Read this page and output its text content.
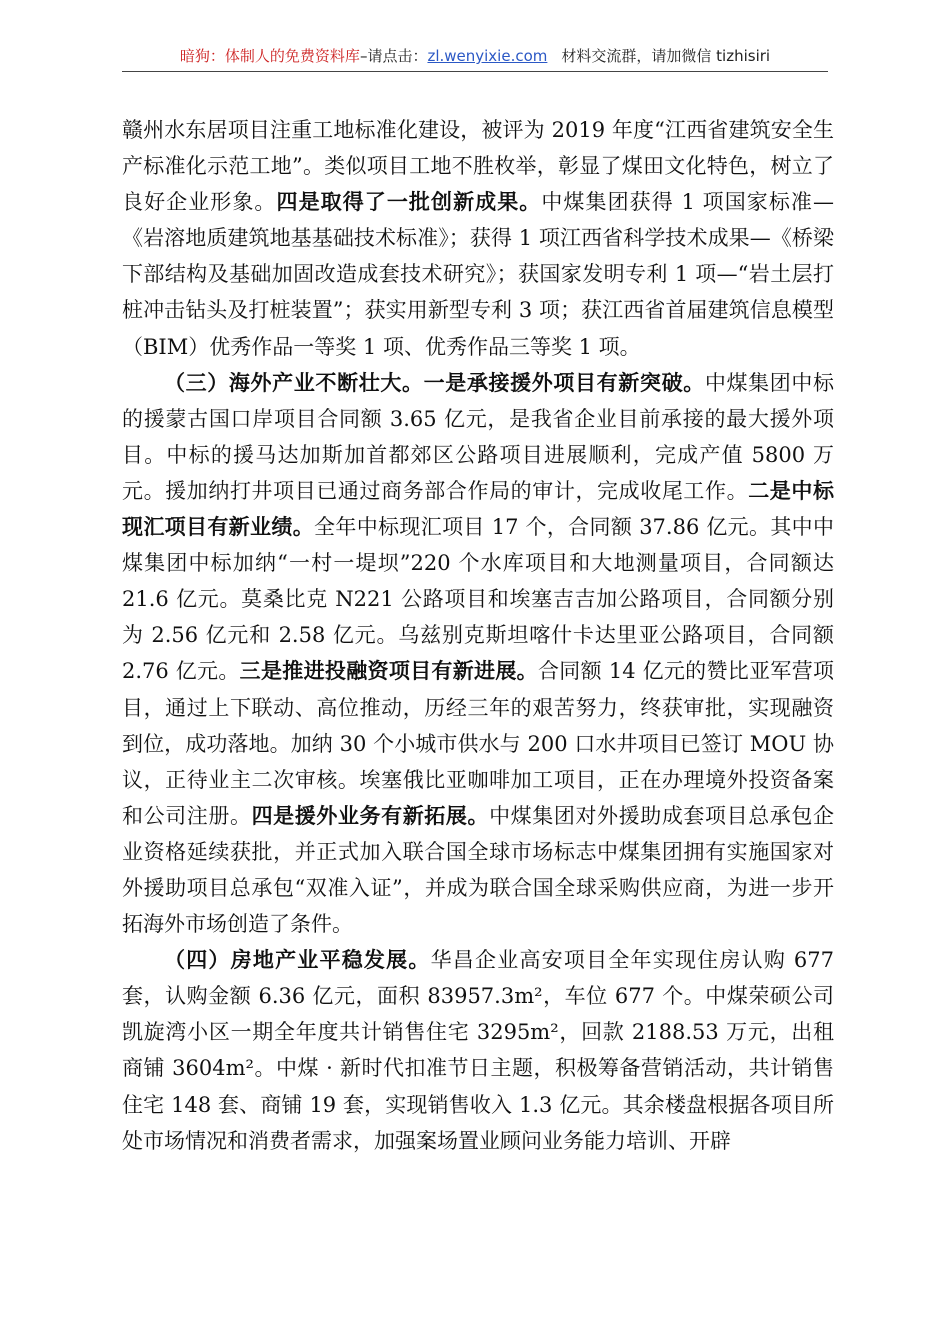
暗狗：体制人的免费资料库–请点击：zl.wenyixie.com 材料交流群，请加微信 tizhisiri

赣州水东居项目注重工地标准化建设，被评为 2019 年度“江西省建筑安全生产标准化示范工地”。类似项目工地不胜枚举，彰显了煤田文化特色，树立了良好企业形象。四是取得了一批创新成果。中煤集团获得 1 项国家标准—《岩溶地质建筑地基基础技术标准》；获得 1 项江西省科学技术成果—《桥梁下部结构及基础加固改造成套技术研究》；获国家发明专利 1 项—“岩土层打桩冲击钻头及打桩装置”；获实用新型专利 3 项；获江西省首届建筑信息模型（BIM）优秀作品一等奖 1 项、优秀作品三等奖 1 项。

（三）海外产业不断壮大。一是承接援外项目有新突破。中煤集团中标的援蒙古国口岸项目合同额 3.65 亿元，是我省企业目前承接的最大援外项目。中标的援马达加斯加首都郊区公路项目进展顺利，完成产值 5800 万元。援加纳打井项目已通过商务部合作局的审计，完成收尾工作。二是中标现汇项目有新业绩。全年中标现汇项目 17 个，合同额 37.86 亿元。其中中煤集团中标加纳“一村一堤坝”220 个水库项目和大地测量项目，合同额达 21.6 亿元。莫桑比克 N221 公路项目和埃塞吉吉加公路项目，合同额分别为 2.56 亿元和 2.58 亿元。乌兹别克斯坦喀什卡达里亚公路项目，合同额 2.76 亿元。三是推进投融资项目有新进展。合同额 14 亿元的赞比亚军营项目，通过上下联动、高位推动，历经三年的艰苦努力，终获审批，实现融资到位，成功落地。加纳 30 个小城市供水与 200 口水井项目已签订 MOU 协议，正待业主二次审核。埃塞俄比亚咖啡加工项目，正在办理境外投资备案和公司注册。四是援外业务有新拓展。中煤集团对外援助成套项目总承包企业资格延续获批，并正式加入联合国全球市场标志中煤集团拥有实施国家对外援助项目总承包“双准入证”，并成为联合国全球采购供应商，为进一步开拓海外市场创造了条件。

（四）房地产业平稳发展。华昌企业高安项目全年实现住房认购 677 套，认购金额 6.36 亿元，面积 83957.3m²，车位 677 个。中煤荣硕公司凯旋湾小区一期全年度共计销售住宅 3295m²，回款 2188.53 万元，出租商铺 3604m²。中煤 · 新时代扣准节日主题，积极筹备营销活动，共计销售住宅 148 套、商铺 19 套，实现销售收入 1.3 亿元。其余楼盘根据各项目所处市场情况和消费者需求，加强案场置业顾问业务能力培训、开辟
